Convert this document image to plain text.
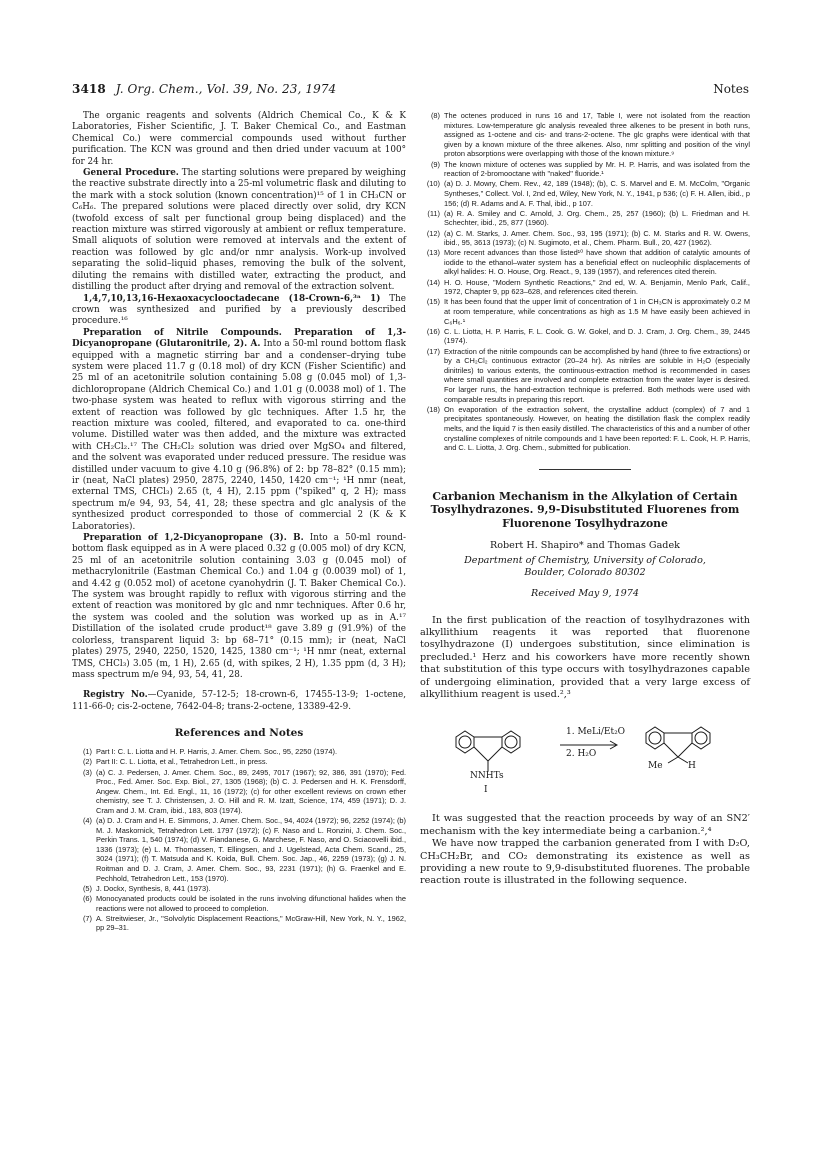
3418 J. Org. Chem., Vol. 39, No. 23, 1974	Notes

The organic reagents and solvents (Aldrich Chemical Co., K & K Laboratories, Fisher Scientific, J. T. Baker Chemical Co., and Eastman Chemical Co.) were commercial compounds used without further purification. The KCN was ground and then dried under vacuum at 100° for 24 hr.

General Procedure. The starting solutions were prepared by weighing the reactive substrate directly into a 25-ml volumetric flask and diluting to the mark with a stock solution (known concentration)¹⁵ of 1 in CH₃CN or C₆H₆. The prepared solutions were placed directly over solid, dry KCN (twofold excess of salt per functional group being displaced) and the reaction mixture was stirred vigorously at ambient or reflux temperature. Small aliquots of solution were removed at intervals and the extent of reaction was followed by glc and/or nmr analysis. Work-up involved separating the solid–liquid phases, removing the bulk of the solvent, diluting the remains with distilled water, extracting the product, and distilling the product after drying and removal of the extraction solvent.

1,4,7,10,13,16-Hexaoxacyclooctadecane (18-Crown-6,³ᵃ 1) The crown was synthesized and purified by a previously described procedure.¹⁶

Preparation of Nitrile Compounds. Preparation of 1,3-Dicyanopropane (Glutaronitrile, 2). A. Into a 50-ml round bottom flask equipped with a magnetic stirring bar and a condenser–drying tube system were placed 11.7 g (0.18 mol) of dry KCN (Fisher Scientific) and 25 ml of an acetonitrile solution containing 5.08 g (0.045 mol) of 1,3-dichloropropane (Aldrich Chemical Co.) and 1.01 g (0.0038 mol) of 1. The two-phase system was heated to reflux with vigorous stirring and the extent of reaction was followed by glc techniques. After 1.5 hr, the reaction mixture was cooled, filtered, and evaporated to ca. one-third volume. Distilled water was then added, and the mixture was extracted with CH₂Cl₂.¹⁷ The CH₂Cl₂ solution was dried over MgSO₄ and filtered, and the solvent was evaporated under reduced pressure. The residue was distilled under vacuum to give 4.10 g (96.8%) of 2: bp 78–82° (0.15 mm); ir (neat, NaCl plates) 2950, 2875, 2240, 1450, 1420 cm⁻¹; ¹H nmr (neat, external TMS, CHCl₃) 2.65 (t, 4 H), 2.15 ppm ("spiked" q, 2 H); mass spectrum m/e 94, 93, 54, 41, 28; these spectra and glc analysis of the synthesized product corresponded to those of commercial 2 (K & K Laboratories).

Preparation of 1,2-Dicyanopropane (3). B. Into a 50-ml round-bottom flask equipped as in A were placed 0.32 g (0.005 mol) of dry KCN, 25 ml of an acetonitrile solution containing 3.03 g (0.045 mol) of methacrylonitrile (Eastman Chemical Co.) and 1.04 g (0.0039 mol) of 1, and 4.42 g (0.052 mol) of acetone cyanohydrin (J. T. Baker Chemical Co.). The system was brought rapidly to reflux with vigorous stirring and the extent of reaction was monitored by glc and nmr techniques. After 0.6 hr, the system was cooled and the solution was worked up as in A.¹⁷ Distillation of the isolated crude product¹⁸ gave 3.89 g (91.9%) of the colorless, transparent liquid 3: bp 68–71° (0.15 mm); ir (neat, NaCl plates) 2975, 2940, 2250, 1520, 1425, 1380 cm⁻¹; ¹H nmr (neat, external TMS, CHCl₃) 3.05 (m, 1 H), 2.65 (d, with spikes, 2 H), 1.35 ppm (d, 3 H); mass spectrum m/e 94, 93, 54, 41, 28.

Registry No.—Cyanide, 57-12-5; 18-crown-6, 17455-13-9; 1-octene, 111-66-0; cis-2-octene, 7642-04-8; trans-2-octene, 13389-42-9.

References and Notes
(1) Part I: C. L. Liotta and H. P. Harris, J. Amer. Chem. Soc., 95, 2250 (1974).
(2) Part II: C. L. Liotta, et al., Tetrahedron Lett., in press.
(3) (a) C. J. Pedersen, J. Amer. Chem. Soc., 89, 2495, 7017 (1967); 92, 386, 391 (1970); Fed. Proc., Fed. Amer. Soc. Exp. Biol., 27, 1305 (1968); (b) C. J. Pedersen and H. K. Frensdorff, Angew. Chem., Int. Ed. Engl., 11, 16 (1972); (c) for other excellent reviews on crown ether chemistry, see T. J. Christensen, J. O. Hill and R. M. Izatt, Science, 174, 459 (1971); D. J. Cram and J. M. Cram, ibid., 183, 803 (1974).
(4) (a) D. J. Cram and H. E. Simmons, J. Amer. Chem. Soc., 94, 4024 (1972); 96, 2252 (1974); (b) M. J. Maskornick, Tetrahedron Lett. 1797 (1972); (c) F. Naso and L. Ronzini, J. Chem. Soc., Perkin Trans. 1, 540 (1974); (d) V. Fiandanese, G. Marchese, F. Naso, and O. Sciacovelli ibid., 1336 (1973); (e) L. M. Thomassen, T. Ellingsen, and J. Ugelstead, Acta Chem. Scand., 25, 3024 (1971); (f) T. Matsuda and K. Koida, Bull. Chem. Soc. Jap., 46, 2259 (1973); (g) J. N. Roitman and D. J. Cram, J. Amer. Chem. Soc., 93, 2231 (1971); (h) G. Fraenkel and E. Pechhold, Tetrahedron Lett., 153 (1970).
(5) J. Dockx, Synthesis, 8, 441 (1973).
(6) Monocyanated products could be isolated in the runs involving difunctional halides when the reactions were not allowed to proceed to completion.
(7) A. Streitwieser, Jr., "Solvolytic Displacement Reactions," McGraw-Hill, New York, N. Y., 1962, pp 29–31.
(8) The octenes produced in runs 16 and 17, Table I, were not isolated from the reaction mixtures. Low-temperature glc analysis revealed three alkenes to be present in both runs, assigned as 1-octene and cis- and trans-2-octene. The glc graphs were identical with that given by a known mixture of the three alkenes. Also, nmr splitting and position of the vinyl proton absorptions were overlapping with those of the known mixture.⁹
(9) The known mixture of octenes was supplied by Mr. H. P. Harris, and was isolated from the reaction of 2-bromooctane with "naked" fluoride.¹
(10) (a) D. J. Mowry, Chem. Rev., 42, 189 (1948); (b), C. S. Marvel and E. M. McColm, "Organic Syntheses," Collect. Vol. I, 2nd ed, Wiley, New York, N. Y., 1941, p 536; (c) F. H. Allen, ibid., p 156; (d) R. Adams and A. F. Thal, ibid., p 107.
(11) (a) R. A. Smiley and C. Arnold, J. Org. Chem., 25, 257 (1960); (b) L. Friedman and H. Schechter, ibid., 25, 877 (1960).
(12) (a) C. M. Starks, J. Amer. Chem. Soc., 93, 195 (1971); (b) C. M. Starks and R. W. Owens, ibid., 95, 3613 (1973); (c) N. Sugimoto, et al., Chem. Pharm. Bull., 20, 427 (1962).
(13) More recent advances than those listed¹⁰ have shown that addition of catalytic amounts of iodide to the ethanol–water system has a beneficial effect on nucleophilic displacements of alkyl halides: H. O. House, Org. React., 9, 139 (1957), and references cited therein.
(14) H. O. House, "Modern Synthetic Reactions," 2nd ed, W. A. Benjamin, Menlo Park, Calif., 1972, Chapter 9, pp 623–628, and references cited therein.
(15) It has been found that the upper limit of concentration of 1 in CH₃CN is approximately 0.2 M at room temperature, while concentrations as high as 1.5 M have easily been achieved in C₆H₆.¹
(16) C. L. Liotta, H. P. Harris, F. L. Cook. G. W. Gokel, and D. J. Cram, J. Org. Chem., 39, 2445 (1974).
(17) Extraction of the nitrile compounds can be accomplished by hand (three to five extractions) or by a CH₂Cl₂ continuous extractor (20–24 hr). As nitriles are soluble in H₂O (especially dinitriles) to various extents, the continuous-extraction method is recommended in cases where small quantities are involved and complete extraction from the water layer is desired. For larger runs, the hand-extraction technique is preferred. Both methods were used with comparable results in preparing this report.
(18) On evaporation of the extraction solvent, the crystalline adduct (complex) of 7 and 1 precipitates spontaneously. However, on heating the distillation flask the complex readily melts, and the liquid 7 is then easily distilled. The characteristics of this and a number of other crystalline complexes of nitrile compounds and 1 have been reported: F. L. Cook, H. P. Harris, and C. L. Liotta, J. Org. Chem., submitted for publication.
Carbanion Mechanism in the Alkylation of Certain Tosylhydrazones. 9,9-Disubstituted Fluorenes from Fluorenone Tosylhydrazone
Robert H. Shapiro* and Thomas Gadek
Department of Chemistry, University of Colorado,
Boulder, Colorado 80302
Received May 9, 1974

In the first publication of the reaction of tosylhydrazones with alkyllithium reagents it was reported that fluorenone tosylhydrazone (I) undergoes substitution, since elimination is precluded.¹ Herz and his coworkers have more recently shown that substitution of this type occurs with tosylhydrazones capable of undergoing elimination, provided that a very large excess of alkyllithium reagent is used.²,³

1. MeLi/Et₂O
2. H₂O
NNHTs
I
Me	H

It was suggested that the reaction proceeds by way of an SN2′ mechanism with the key intermediate being a carbanion.²,⁴

We have now trapped the carbanion generated from I with D₂O, CH₃CH₂Br, and CO₂ demonstrating its existence as well as providing a new route to 9,9-disubstituted fluorenes. The probable reaction route is illustrated in the following sequence.
